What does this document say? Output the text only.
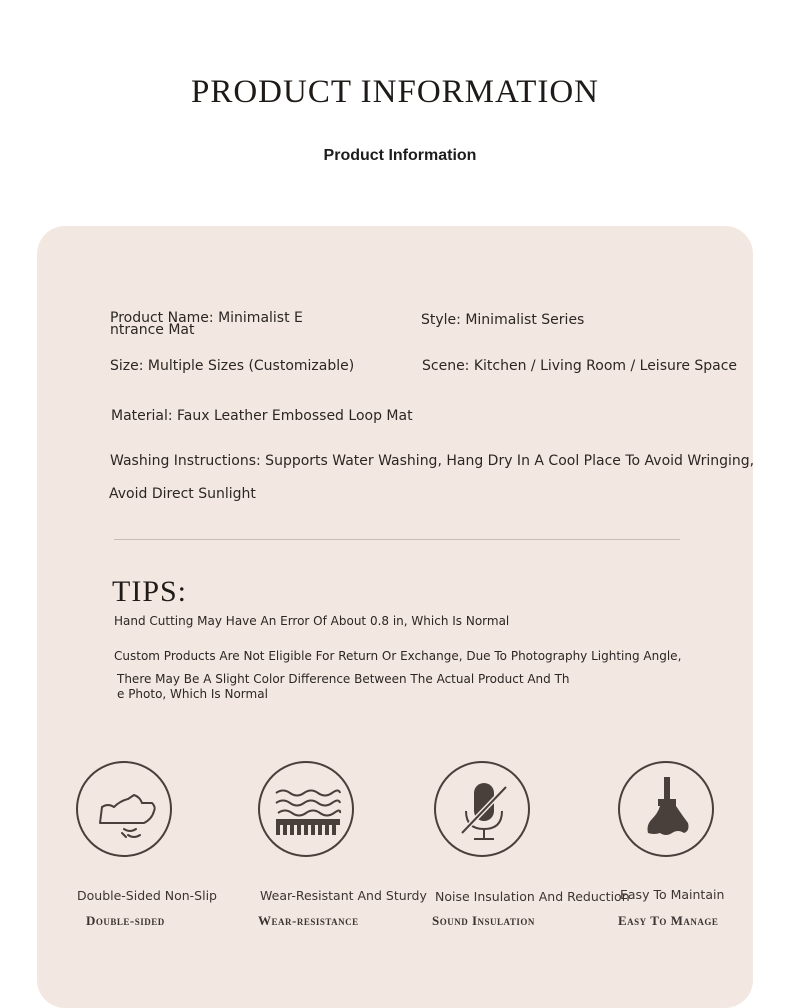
PRODUCT INFORMATION
Product Information
Product Name: Minimalist E
ntrance Mat
Style: Minimalist Series
Size: Multiple Sizes (Customizable)	Scene: Kitchen / Living Room / Leisure Space
Material: Faux Leather Embossed Loop Mat
Washing Instructions: Supports Water Washing, Hang Dry In A Cool Place To Avoid Wringing,
Avoid Direct Sunlight
TIPS:
Hand Cutting May Have An Error Of About 0.8 in, Which Is Normal
Custom Products Are Not Eligible For Return Or Exchange, Due To Photography Lighting Angle,
There May Be A Slight Color Difference Between The Actual Product And Th
e Photo, Which Is Normal
Double-Sided Non-Slip
Double-sided
Wear-Resistant And Sturdy
Wear-resistance
Noise Insulation And Reduction
Sound Insulation
Easy To Maintain
Easy To Manage
